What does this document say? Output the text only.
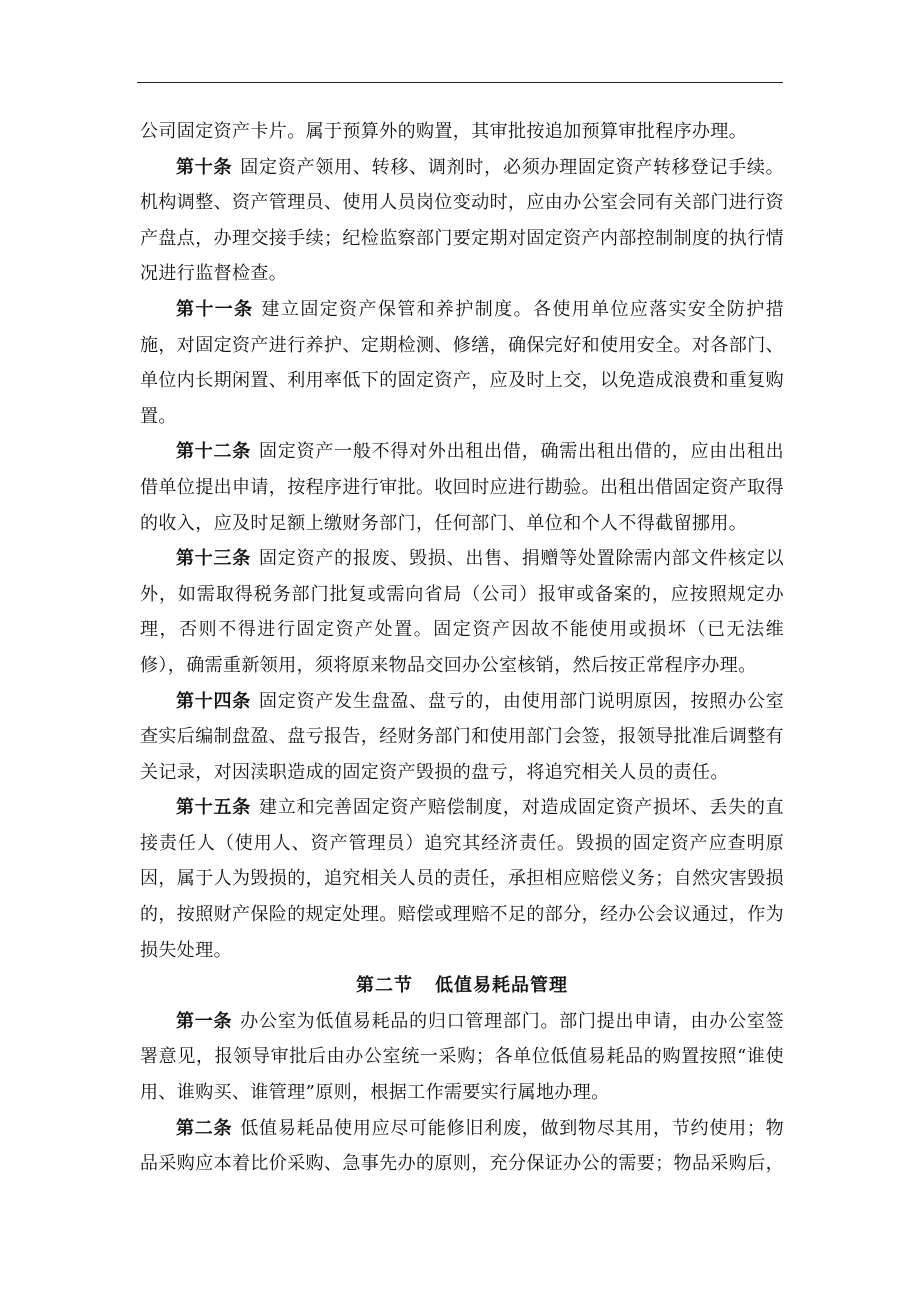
公司固定资产卡片。属于预算外的购置，其审批按追加预算审批程序办理。

第十条 固定资产领用、转移、调剂时，必须办理固定资产转移登记手续。机构调整、资产管理员、使用人员岗位变动时，应由办公室会同有关部门进行资产盘点，办理交接手续；纪检监察部门要定期对固定资产内部控制制度的执行情况进行监督检查。

第十一条 建立固定资产保管和养护制度。各使用单位应落实安全防护措施，对固定资产进行养护、定期检测、修缮，确保完好和使用安全。对各部门、单位内长期闲置、利用率低下的固定资产，应及时上交，以免造成浪费和重复购置。

第十二条 固定资产一般不得对外出租出借，确需出租出借的，应由出租出借单位提出申请，按程序进行审批。收回时应进行勘验。出租出借固定资产取得的收入，应及时足额上缴财务部门，任何部门、单位和个人不得截留挪用。

第十三条 固定资产的报废、毁损、出售、捐赠等处置除需内部文件核定以外，如需取得税务部门批复或需向省局（公司）报审或备案的，应按照规定办理，否则不得进行固定资产处置。固定资产因故不能使用或损坏（已无法维修），确需重新领用，须将原来物品交回办公室核销，然后按正常程序办理。

第十四条 固定资产发生盘盈、盘亏的，由使用部门说明原因，按照办公室查实后编制盘盈、盘亏报告，经财务部门和使用部门会签，报领导批准后调整有关记录，对因渎职造成的固定资产毁损的盘亏，将追究相关人员的责任。

第十五条 建立和完善固定资产赔偿制度，对造成固定资产损坏、丢失的直接责任人（使用人、资产管理员）追究其经济责任。毁损的固定资产应查明原因，属于人为毁损的，追究相关人员的责任，承担相应赔偿义务；自然灾害毁损的，按照财产保险的规定处理。赔偿或理赔不足的部分，经办公会议通过，作为损失处理。

第二节 低值易耗品管理

第一条 办公室为低值易耗品的归口管理部门。部门提出申请，由办公室签署意见，报领导审批后由办公室统一采购；各单位低值易耗品的购置按照“谁使用、谁购买、谁管理”原则，根据工作需要实行属地办理。

第二条 低值易耗品使用应尽可能修旧利废，做到物尽其用，节约使用；物品采购应本着比价采购、急事先办的原则，充分保证办公的需要；物品采购后，
